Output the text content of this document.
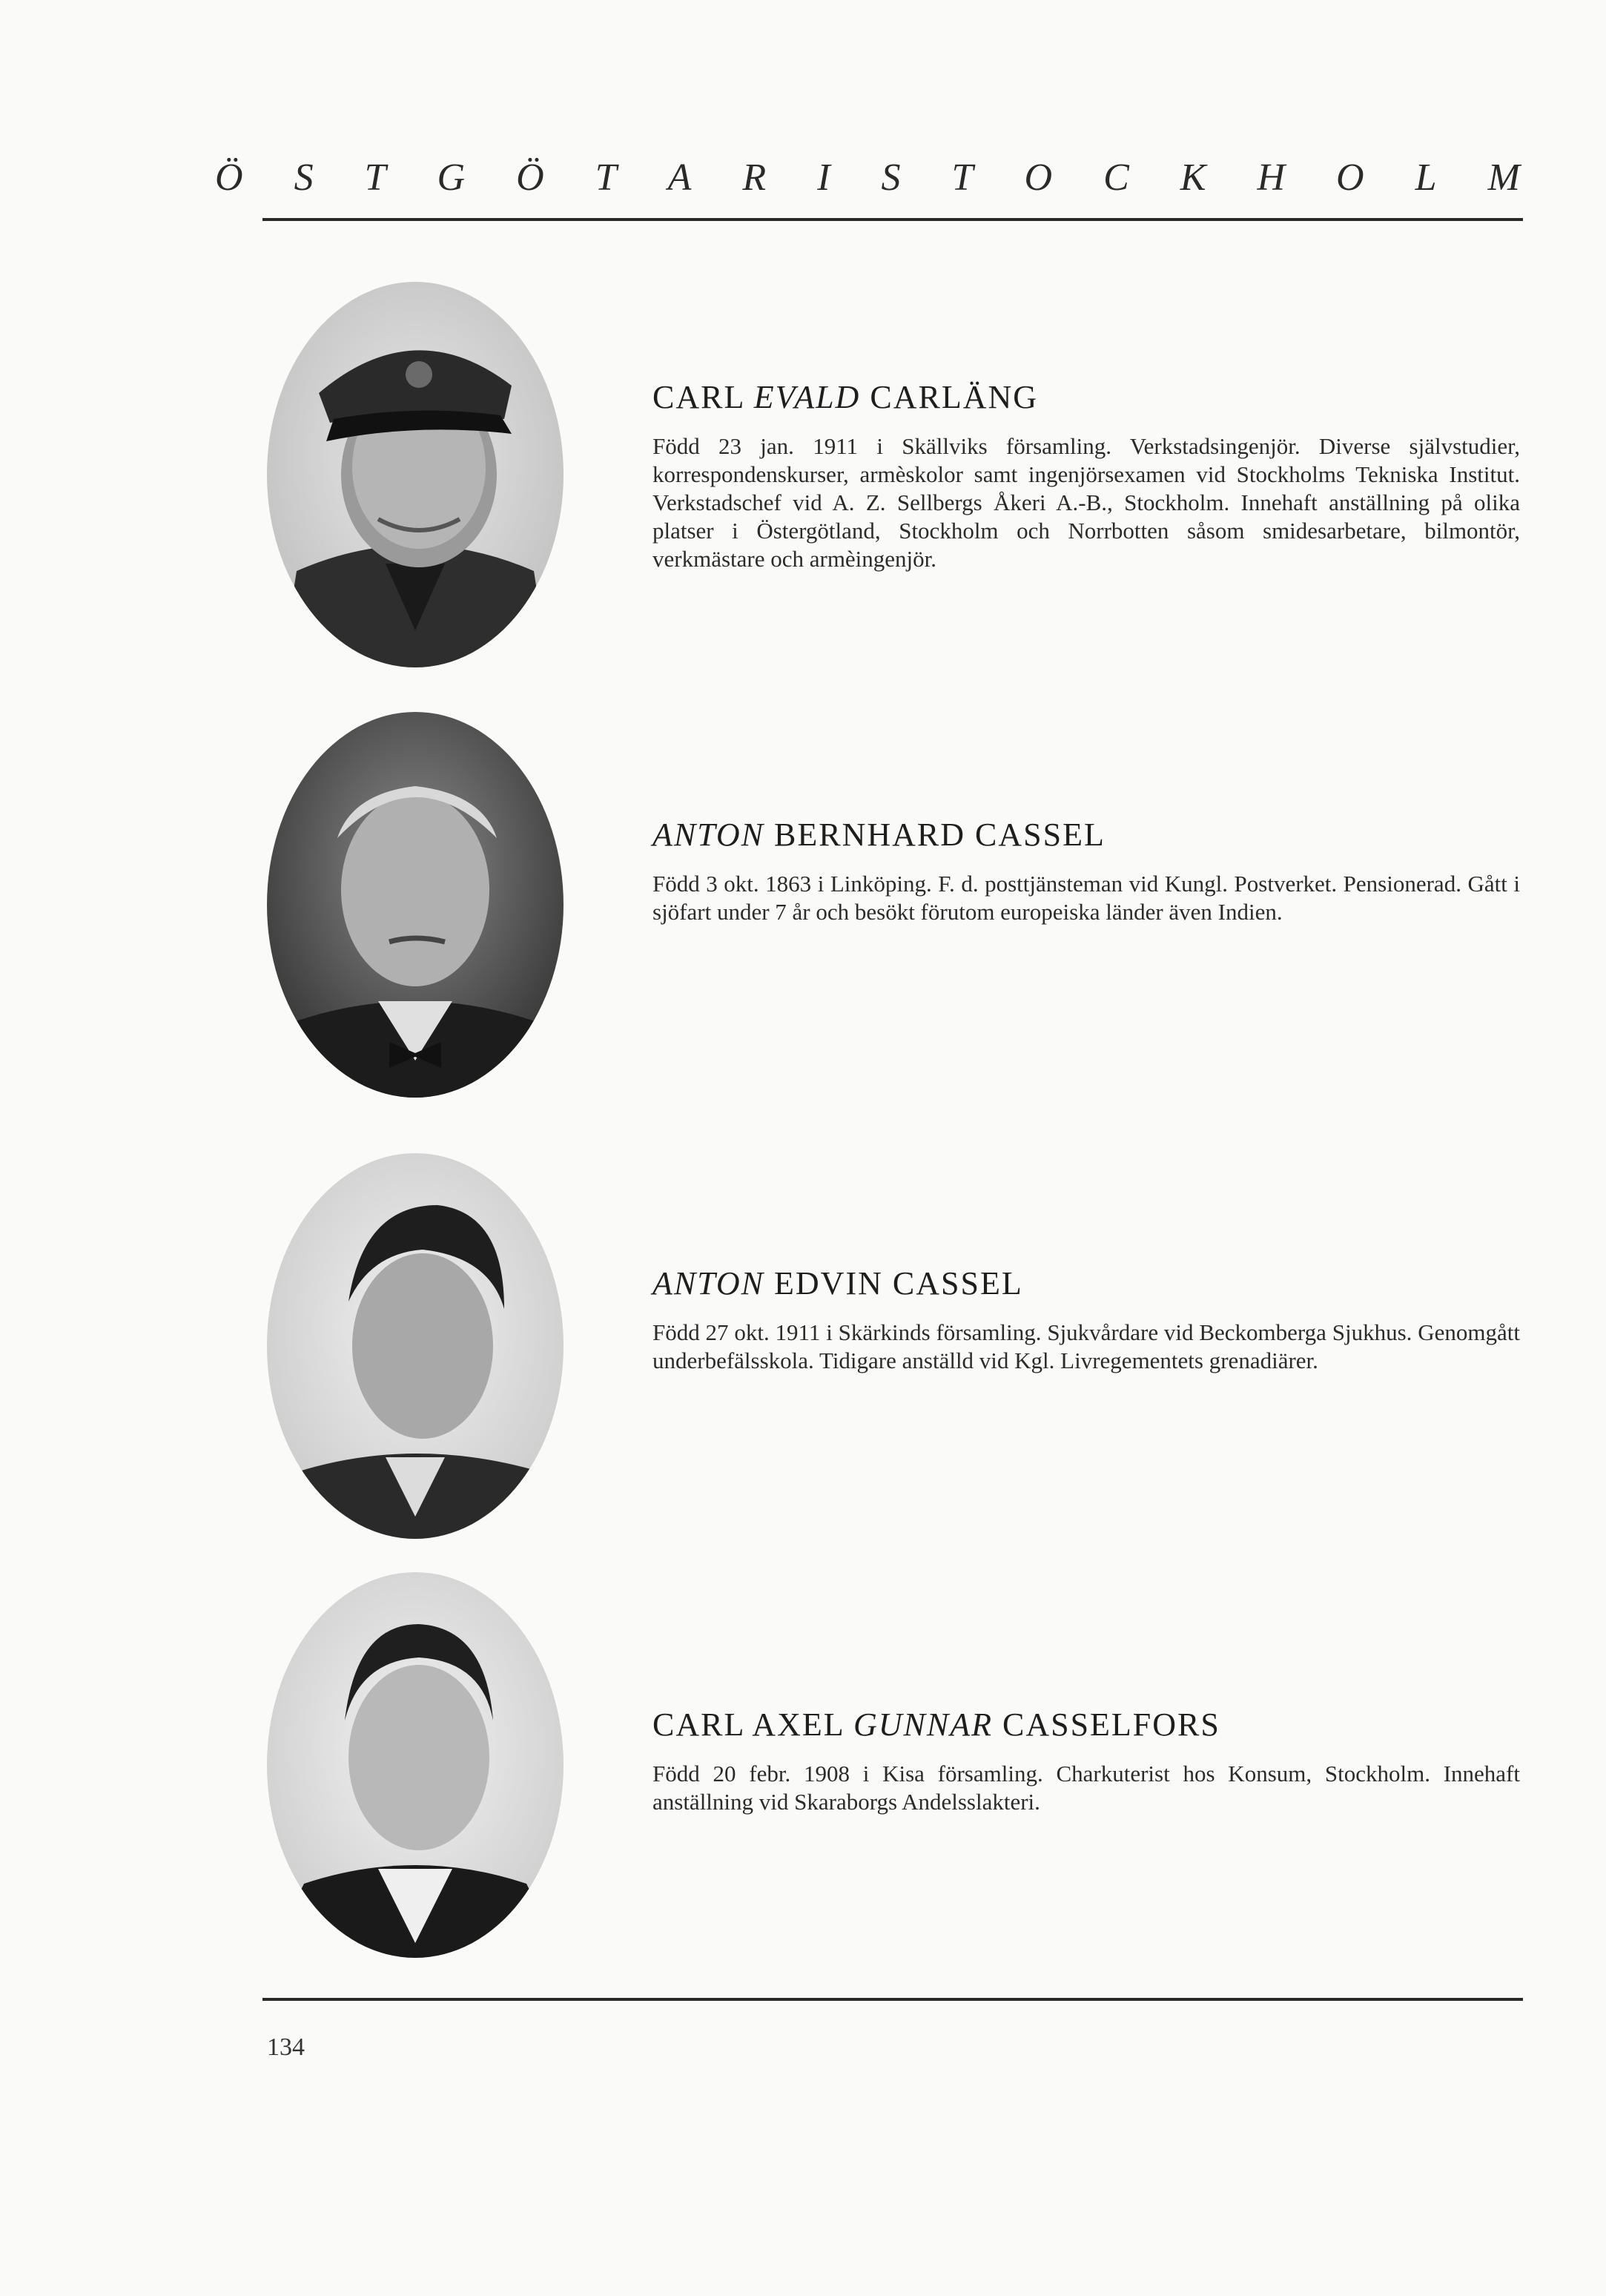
Ö S T G Ö T A R I S T O C K H O L M
CARL EVALD CARLÄNG

Född 23 jan. 1911 i Skällviks församling. Verkstadsingenjör. Diverse självstudier, korrespondenskurser, armèskolor samt ingenjörsexamen vid Stockholms Tekniska Institut. Verkstadschef vid A. Z. Sellbergs Åkeri A.-B., Stockholm. Innehaft anställning på olika platser i Östergötland, Stockholm och Norrbotten såsom smidesarbetare, bilmontör, verkmästare och armèingenjör.

ANTON BERNHARD CASSEL

Född 3 okt. 1863 i Linköping. F. d. posttjänsteman vid Kungl. Postverket. Pensionerad. Gått i sjöfart under 7 år och besökt förutom europeiska länder även Indien.

ANTON EDVIN CASSEL

Född 27 okt. 1911 i Skärkinds församling. Sjukvårdare vid Beckomberga Sjukhus. Genomgått underbefälsskola. Tidigare anställd vid Kgl. Livregementets grenadiärer.

CARL AXEL GUNNAR CASSELFORS

Född 20 febr. 1908 i Kisa församling. Charkuterist hos Konsum, Stockholm. Innehaft anställning vid Skaraborgs Andelsslakteri.

134
